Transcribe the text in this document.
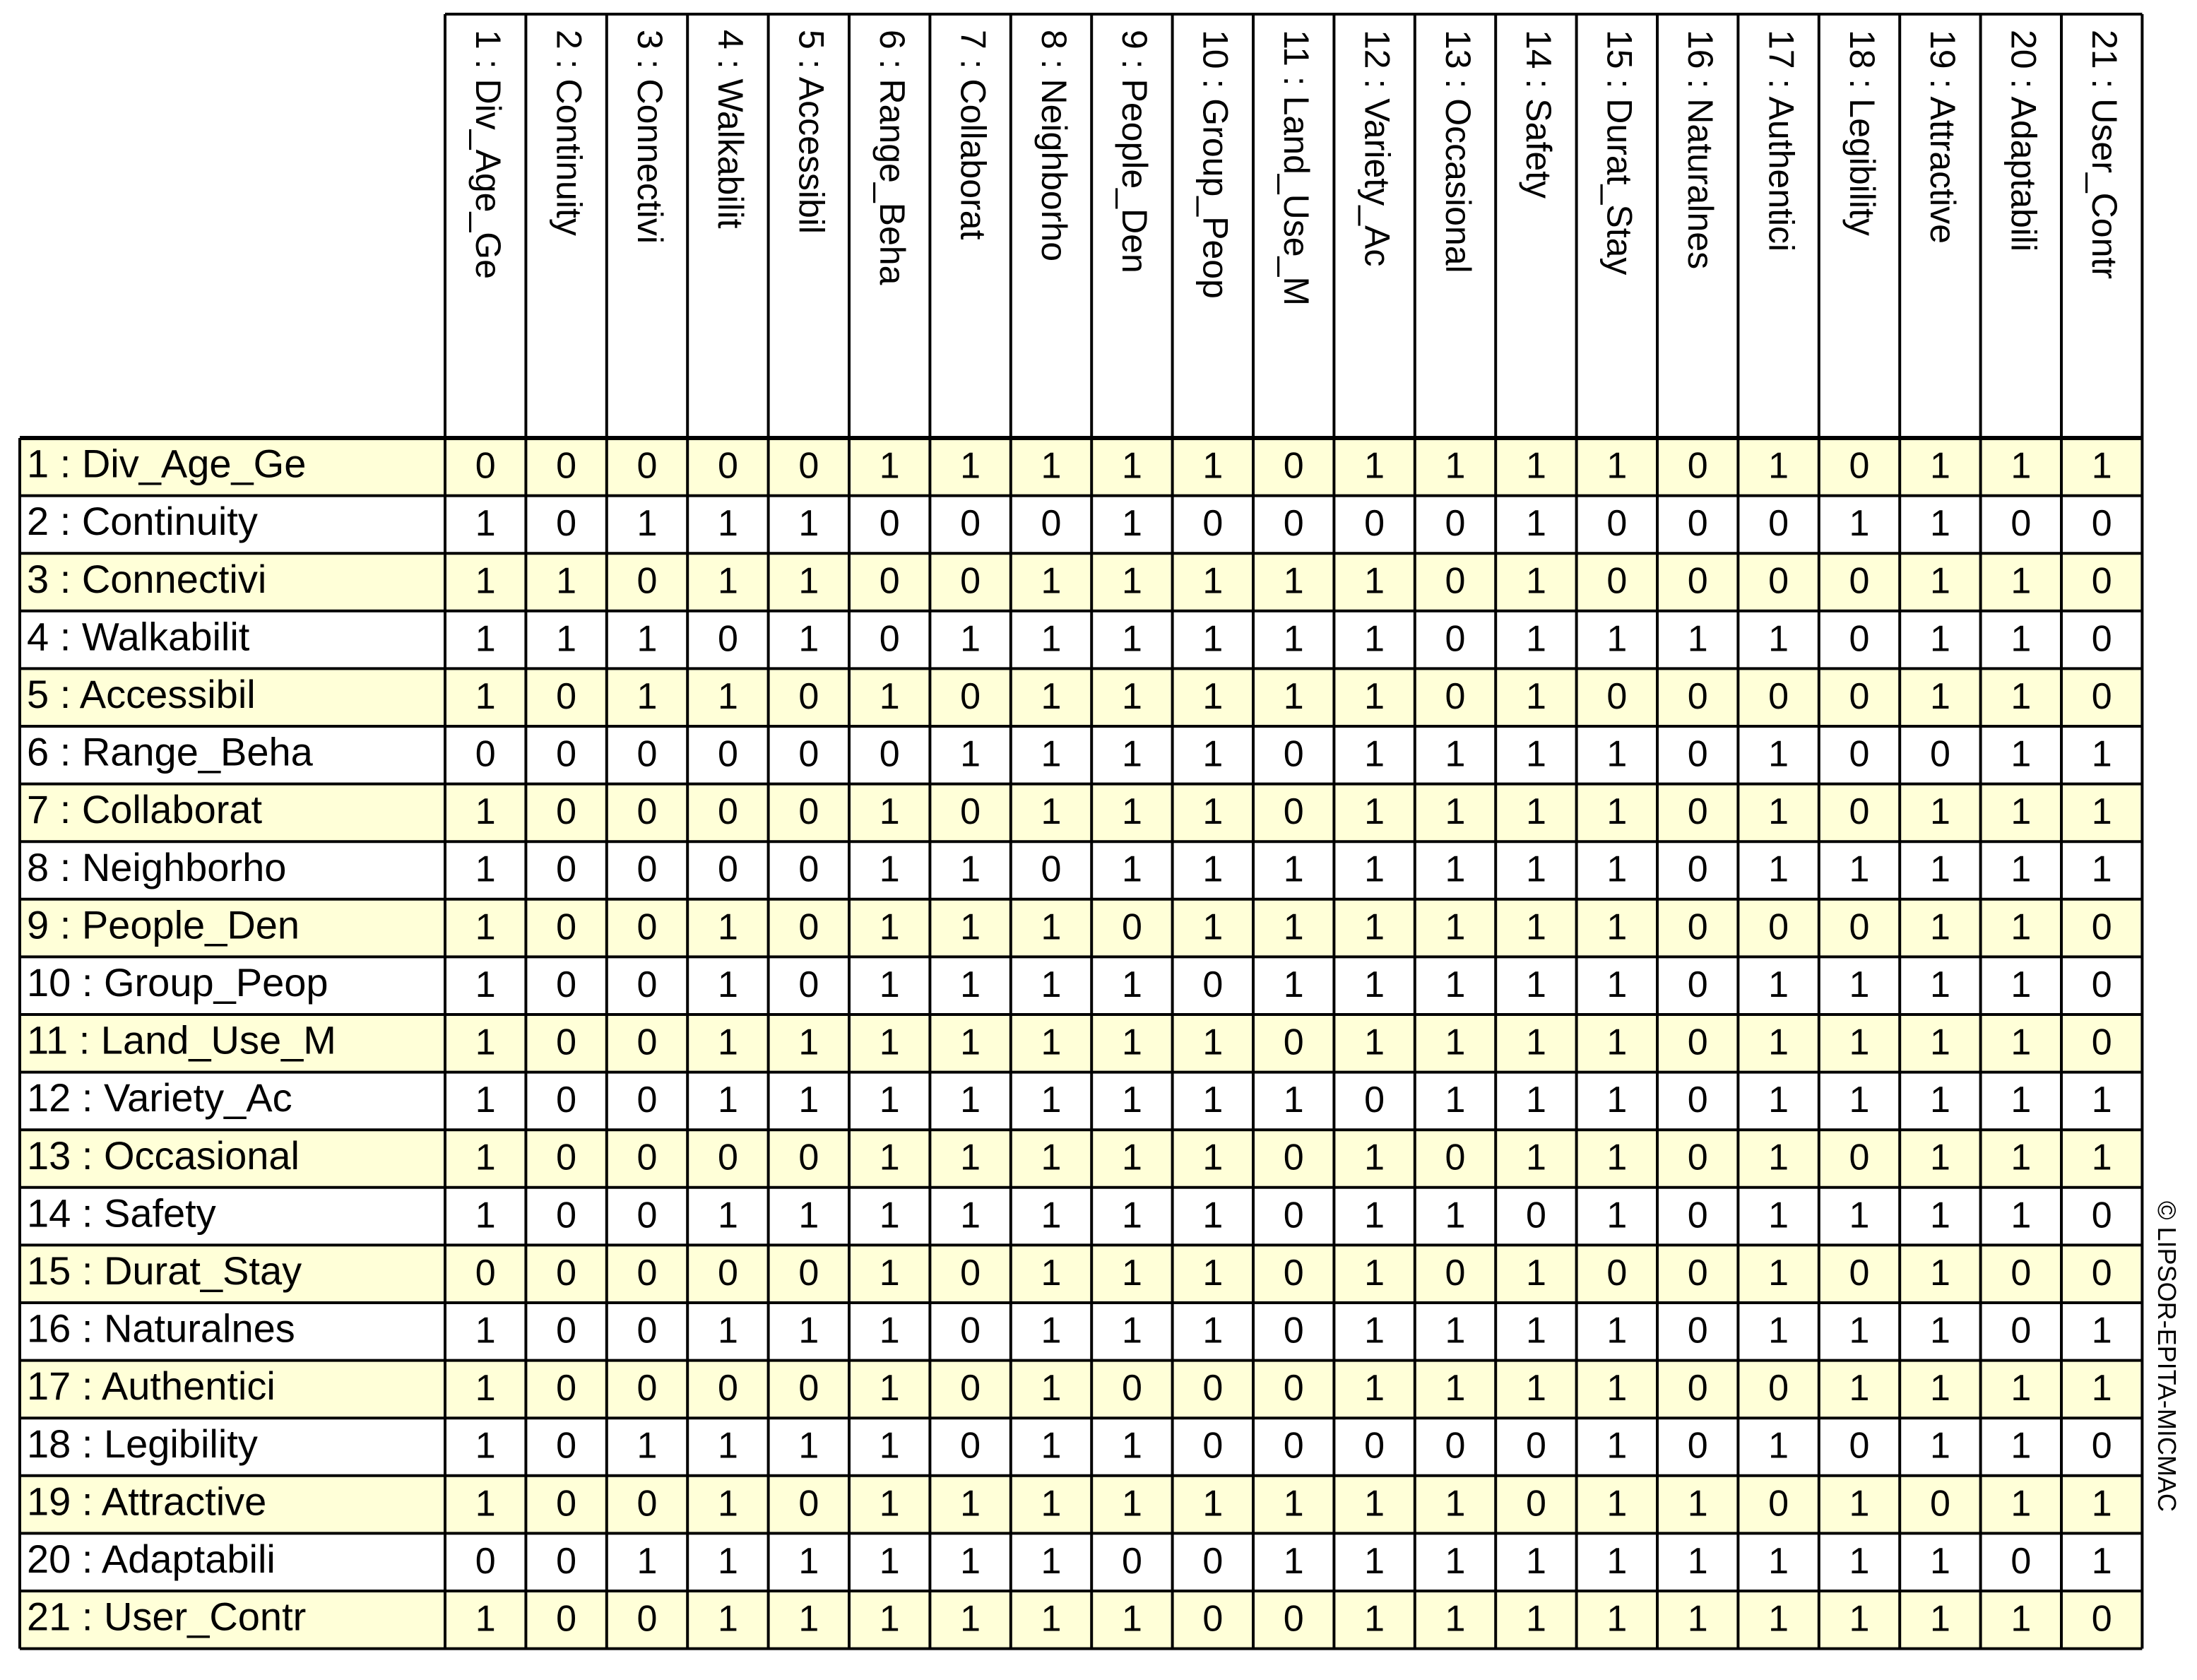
1 : Div_Age_Ge 2 : Continuity 3 : Connectivi 4 : Walkabilit 5 : Accessibil 6 : Range_Beha 7 : Collaborat 8 : Neighborho 9 : People_Den 10 : Group_Peop 11 : Land_Use_M 12 : Variety_Ac 13 : Occasional 14 : Safety 15 : Durat_Stay 16 : Naturalnes 17 : Authentici 18 : Legibility 19 : Attractive 20 : Adaptabili 21 : User_Contr
1 : Div_Age_Ge	0 0 0 0 0 1 1 1 1 1 0 1 1 1 1 0 1 0 1 1 1
2 : Continuity	1 0 1 1 1 0 0 0 1 0 0 0 0 1 0 0 0 1 1 0 0
3 : Connectivi	1 1 0 1 1 0 0 1 1 1 1 1 0 1 0 0 0 0 1 1 0
4 : Walkabilit	1 1 1 0 1 0 1 1 1 1 1 1 0 1 1 1 1 0 1 1 0
5 : Accessibil	1 0 1 1 0 1 0 1 1 1 1 1 0 1 0 0 0 0 1 1 0
6 : Range_Beha	0 0 0 0 0 0 1 1 1 1 0 1 1 1 1 0 1 0 0 1 1
7 : Collaborat	1 0 0 0 0 1 0 1 1 1 0 1 1 1 1 0 1 0 1 1 1
8 : Neighborho	1 0 0 0 0 1 1 0 1 1 1 1 1 1 1 0 1 1 1 1 1
9 : People_Den	1 0 0 1 0 1 1 1 0 1 1 1 1 1 1 0 0 0 1 1 0
10 : Group_Peop	1 0 0 1 0 1 1 1 1 0 1 1 1 1 1 0 1 1 1 1 0
11 : Land_Use_M	1 0 0 1 1 1 1 1 1 1 0 1 1 1 1 0 1 1 1 1 0
12 : Variety_Ac	1 0 0 1 1 1 1 1 1 1 1 0 1 1 1 0 1 1 1 1 1
13 : Occasional	1 0 0 0 0 1 1 1 1 1 0 1 0 1 1 0 1 0 1 1 1
14 : Safety	1 0 0 1 1 1 1 1 1 1 0 1 1 0 1 0 1 1 1 1 0
15 : Durat_Stay	0 0 0 0 0 1 0 1 1 1 0 1 0 1 0 0 1 0 1 0 0
16 : Naturalnes	1 0 0 1 1 1 0 1 1 1 0 1 1 1 1 0 1 1 1 0 1
17 : Authentici	1 0 0 0 0 1 0 1 0 0 0 1 1 1 1 0 0 1 1 1 1
18 : Legibility	1 0 1 1 1 1 0 1 1 0 0 0 0 0 1 0 1 0 1 1 0
19 : Attractive	1 0 0 1 0 1 1 1 1 1 1 1 1 0 1 1 0 1 0 1 1
20 : Adaptabili	0 0 1 1 1 1 1 1 0 0 1 1 1 1 1 1 1 1 1 0 1
21 : User_Contr	1 0 0 1 1 1 1 1 1 0 0 1 1 1 1 1 1 1 1 1 0
© LIPSOR-EPITA-MICMAC
